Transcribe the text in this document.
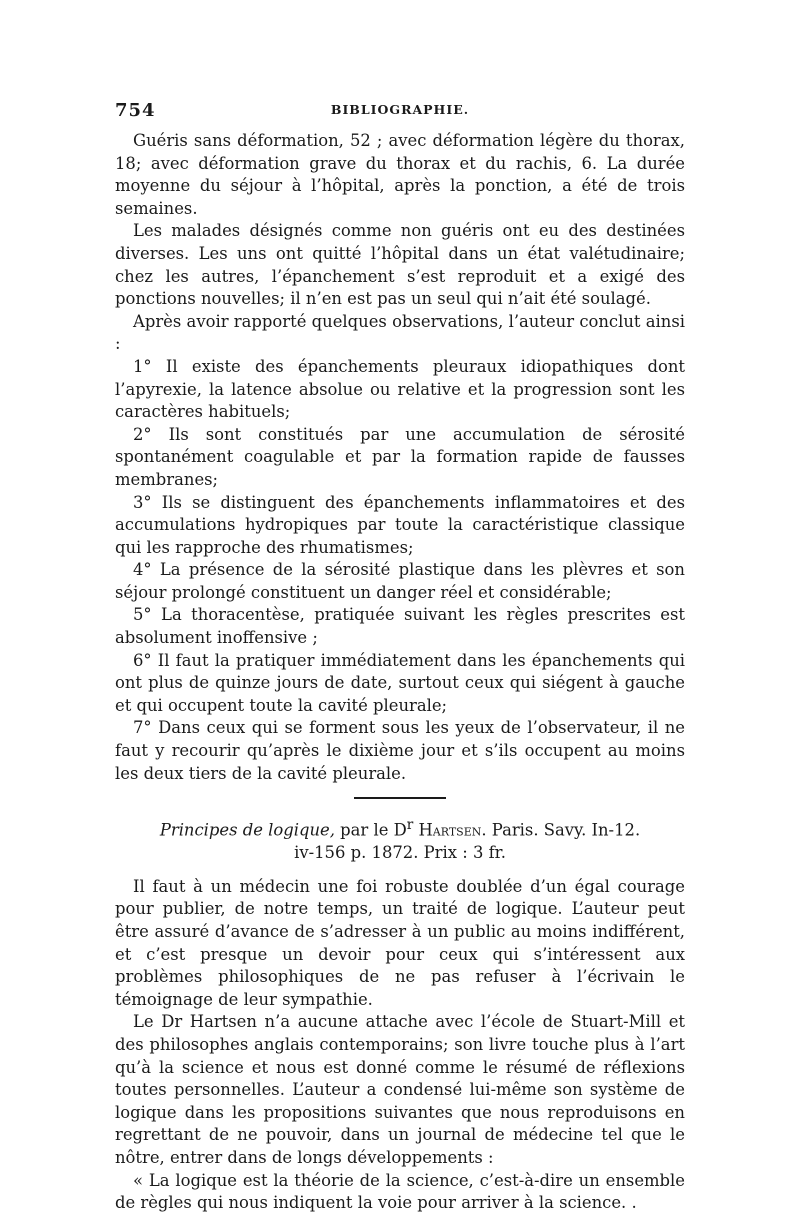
754	BIBLIOGRAPHIE.

Guéris sans déformation, 52 ; avec déformation légère du thorax, 18; avec déformation grave du thorax et du rachis, 6. La durée moyenne du séjour à l’hôpital, après la ponction, a été de trois semaines.

Les malades désignés comme non guéris ont eu des destinées diverses. Les uns ont quitté l’hôpital dans un état valétudinaire; chez les autres, l’épanchement s’est reproduit et a exigé des ponctions nouvelles; il n’en est pas un seul qui n’ait été soulagé.

Après avoir rapporté quelques observations, l’auteur conclut ainsi :

1° Il existe des épanchements pleuraux idiopathiques dont l’apyrexie, la latence absolue ou relative et la progression sont les caractères habituels;

2° Ils sont constitués par une accumulation de sérosité spontanément coagulable et par la formation rapide de fausses membranes;

3° Ils se distinguent des épanchements inflammatoires et des accumulations hydropiques par toute la caractéristique classique qui les rapproche des rhumatismes;

4° La présence de la sérosité plastique dans les plèvres et son séjour prolongé constituent un danger réel et considérable;

5° La thoracentèse, pratiquée suivant les règles prescrites est absolument inoffensive ;

6° Il faut la pratiquer immédiatement dans les épanchements qui ont plus de quinze jours de date, surtout ceux qui siégent à gauche et qui occupent toute la cavité pleurale;

7° Dans ceux qui se forment sous les yeux de l’observateur, il ne faut y recourir qu’après le dixième jour et s’ils occupent au moins les deux tiers de la cavité pleurale.

Principes de logique, par le $D^r$ Hartsen. Paris. Savy. In-12.
iv-156 p. 1872. Prix : 3 fr.

Il faut à un médecin une foi robuste doublée d’un égal courage pour publier, de notre temps, un traité de logique. L’auteur peut être assuré d’avance de s’adresser à un public au moins indifférent, et c’est presque un devoir pour ceux qui s’intéressent aux problèmes philosophiques de ne pas refuser à l’écrivain le témoignage de leur sympathie.

Le Dr Hartsen n’a aucune attache avec l’école de Stuart-Mill et des philosophes anglais contemporains; son livre touche plus à l’art qu’à la science et nous est donné comme le résumé de réflexions toutes personnelles. L’auteur a condensé lui-même son système de logique dans les propositions suivantes que nous reproduisons en regrettant de ne pouvoir, dans un journal de médecine tel que le nôtre, entrer dans de longs développements :

« La logique est la théorie de la science, c’est-à-dire un ensemble de règles qui nous indiquent la voie pour arriver à la science. .
